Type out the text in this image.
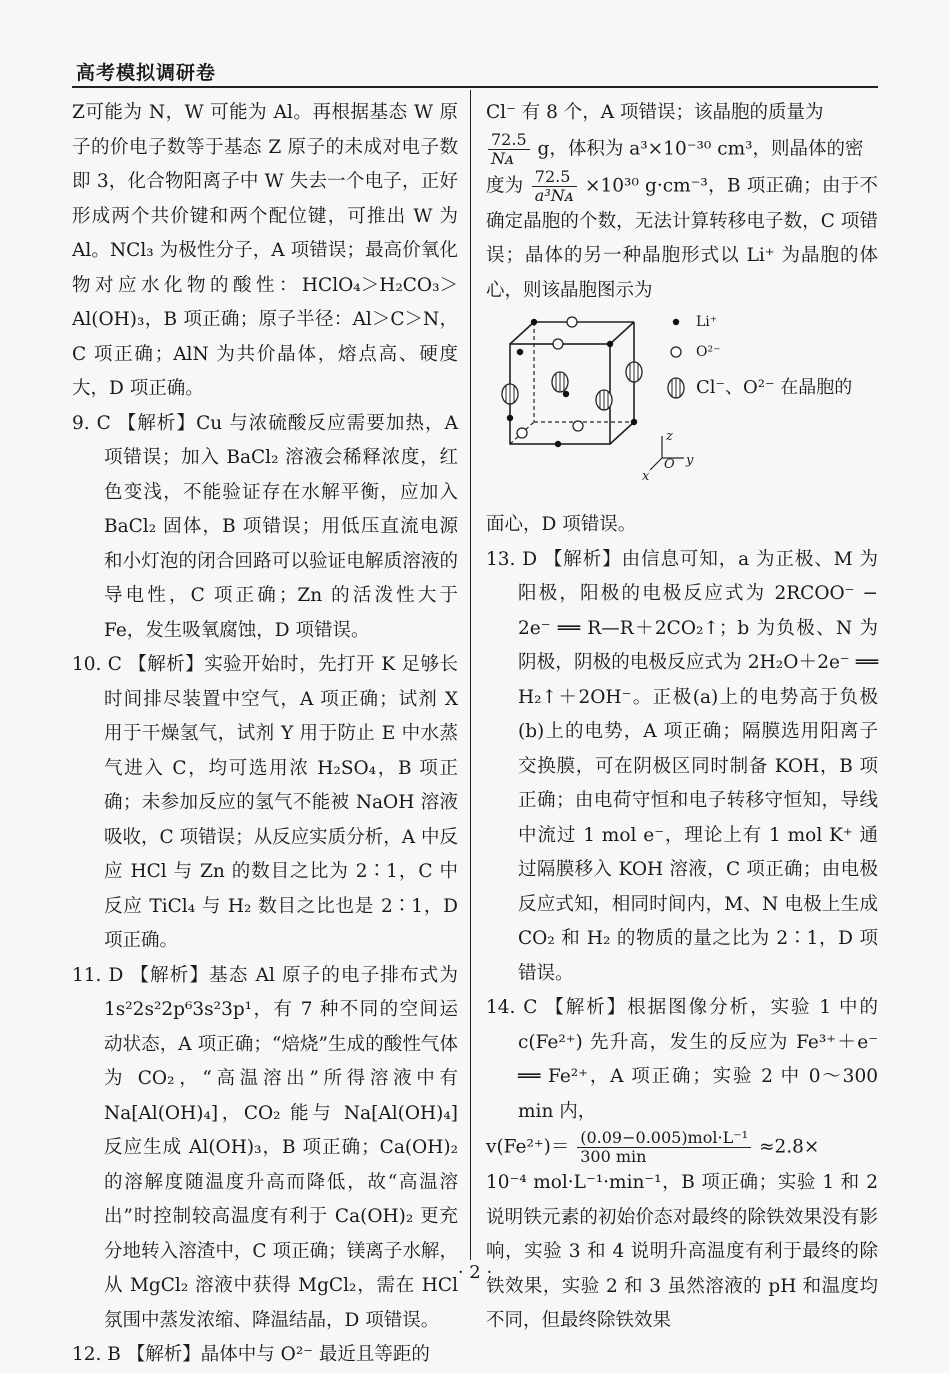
高考模拟调研卷

Z可能为 N，W 可能为 Al。再根据基态 W 原子的价电子数等于基态 Z 原子的未成对电子数即 3，化合物阳离子中 W 失去一个电子，正好形成两个共价键和两个配位键，可推出 W 为 Al。NCl₃ 为极性分子，A 项错误；最高价氧化物对应水化物的酸性：HClO₄＞H₂CO₃＞Al(OH)₃，B 项正确；原子半径：Al＞C＞N，C 项正确；AlN 为共价晶体，熔点高、硬度大，D 项正确。

9. C 【解析】Cu 与浓硫酸反应需要加热，A 项错误；加入 BaCl₂ 溶液会稀释浓度，红色变浅，不能验证存在水解平衡，应加入 BaCl₂ 固体，B 项错误；用低压直流电源和小灯泡的闭合回路可以验证电解质溶液的导电性，C 项正确；Zn 的活泼性大于 Fe，发生吸氧腐蚀，D 项错误。

10. C 【解析】实验开始时，先打开 K 足够长时间排尽装置中空气，A 项正确；试剂 X 用于干燥氢气，试剂 Y 用于防止 E 中水蒸气进入 C，均可选用浓 H₂SO₄，B 项正确；未参加反应的氢气不能被 NaOH 溶液吸收，C 项错误；从反应实质分析，A 中反应 HCl 与 Zn 的数目之比为 2∶1，C 中反应 TiCl₄ 与 H₂ 数目之比也是 2∶1，D 项正确。

11. D 【解析】基态 Al 原子的电子排布式为 1s²2s²2p⁶3s²3p¹，有 7 种不同的空间运动状态，A 项正确；“焙烧”生成的酸性气体为 CO₂，“高温溶出”所得溶液中有 Na[Al(OH)₄]，CO₂ 能与 Na[Al(OH)₄] 反应生成 Al(OH)₃，B 项正确；Ca(OH)₂ 的溶解度随温度升高而降低，故“高温溶出”时控制较高温度有利于 Ca(OH)₂ 更充分地转入溶渣中，C 项正确；镁离子水解，从 MgCl₂ 溶液中获得 MgCl₂，需在 HCl 氛围中蒸发浓缩、降温结晶，D 项错误。

12. B 【解析】晶体中与 O²⁻ 最近且等距的

Cl⁻ 有 8 个，A 项错误；该晶胞的质量为

$\frac{72.5}{\text{Nᴀ}}$ g，体积为 a³×10⁻³⁰ cm³，则晶体的密

度为 $\frac{72.5}{\text{a³Nᴀ}} \times 10^{30}$ g·cm⁻³，B 项正确；由于不确定晶胞的个数，无法计算转移电子数，C 项错误；晶体的另一种晶胞形式以 Li⁺ 为晶胞的体心，则该晶胞图示为

z
O y
x
Li⁺
O²⁻
Cl⁻、O²⁻ 在晶胞的

面心，D 项错误。

13. D 【解析】由信息可知，a 为正极、M 为阳极，阳极的电极反应式为 2RCOO⁻ − 2e⁻ ══ R—R＋2CO₂↑；b 为负极、N 为阴极，阴极的电极反应式为 2H₂O＋2e⁻ ══ H₂↑＋2OH⁻。正极(a)上的电势高于负极(b)上的电势，A 项正确；隔膜选用阳离子交换膜，可在阴极区同时制备 KOH，B 项正确；由电荷守恒和电子转移守恒知，导线中流过 1 mol e⁻，理论上有 1 mol K⁺ 通过隔膜移入 KOH 溶液，C 项正确；由电极反应式知，相同时间内，M、N 电极上生成 CO₂ 和 H₂ 的物质的量之比为 2∶1，D 项错误。

14. C 【解析】根据图像分析，实验 1 中的 c(Fe²⁺) 先升高，发生的反应为 Fe³⁺＋e⁻ ══ Fe²⁺，A 项正确；实验 2 中 0～300 min 内，

$v(Fe^{2+})= \frac{\text{(0.09−0.005)mol·L⁻¹}}{300 \min} \approx 2.8\times$

10⁻⁴ mol·L⁻¹·min⁻¹，B 项正确；实验 1 和 2 说明铁元素的初始价态对最终的除铁效果没有影响，实验 3 和 4 说明升高温度有利于最终的除铁效果，实验 2 和 3 虽然溶液的 pH 和温度均不同，但最终除铁效果

· 2 ·
